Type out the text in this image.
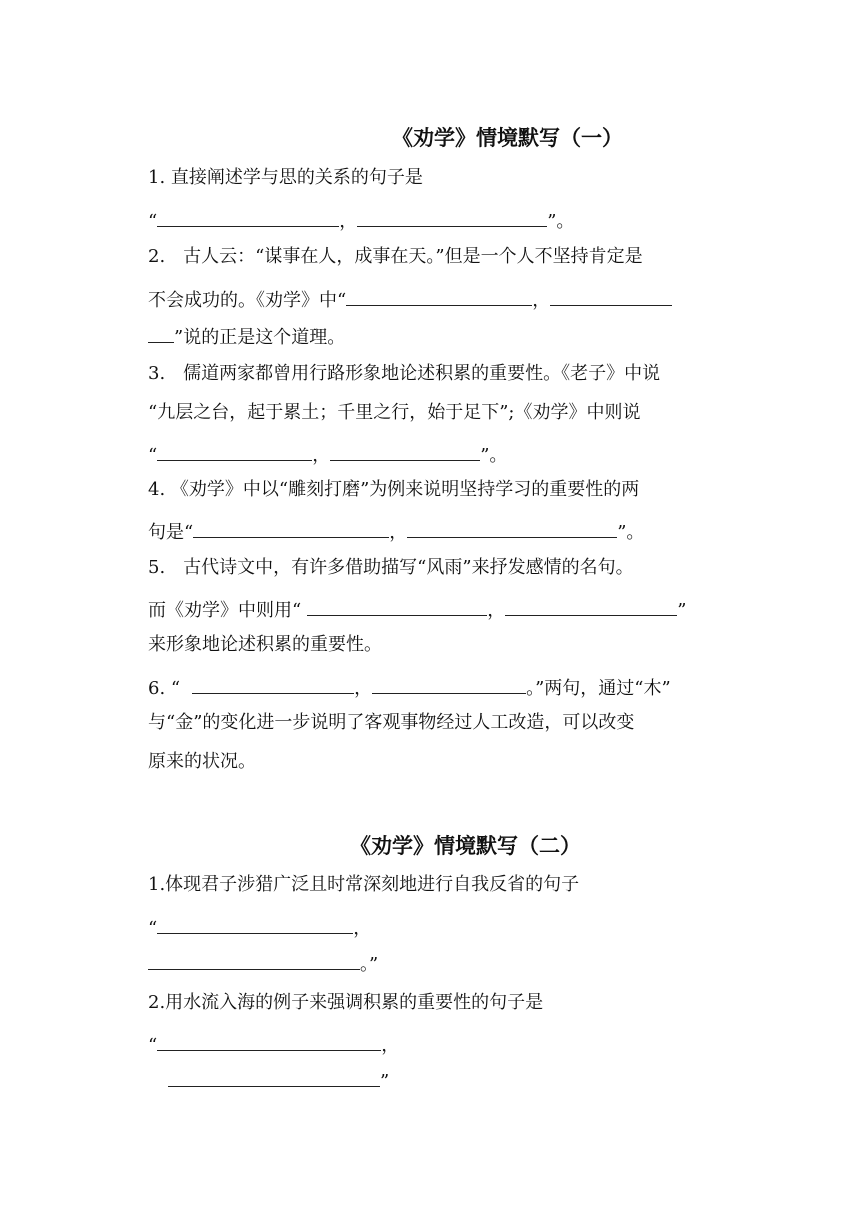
《劝学》情境默写（一）
1. 直接阐述学与思的关系的句子是
“	，	”。
2.　古人云：“谋事在人，成事在天。”但是一个人不坚持肯定是
不会成功的。《劝学》中“	，
”说的正是这个道理。
3.　儒道两家都曾用行路形象地论述积累的重要性。《老子》中说
“九层之台，起于累土；千里之行，始于足下”;《劝学》中则说
“	，	”。
4. 《劝学》中以“雕刻打磨”为例来说明坚持学习的重要性的两
句是“	，	”。
5.　古代诗文中，有许多借助描写“风雨”来抒发感情的名句。
而《劝学》中则用“	，	”
来形象地论述积累的重要性。
6. “	，	。”两句，通过“木”
与“金”的变化进一步说明了客观事物经过人工改造，可以改变
原来的状况。
《劝学》情境默写（二）
1.体现君子涉猎广泛且时常深刻地进行自我反省的句子
“	，
。”
2.用水流入海的例子来强调积累的重要性的句子是
“	，
”
